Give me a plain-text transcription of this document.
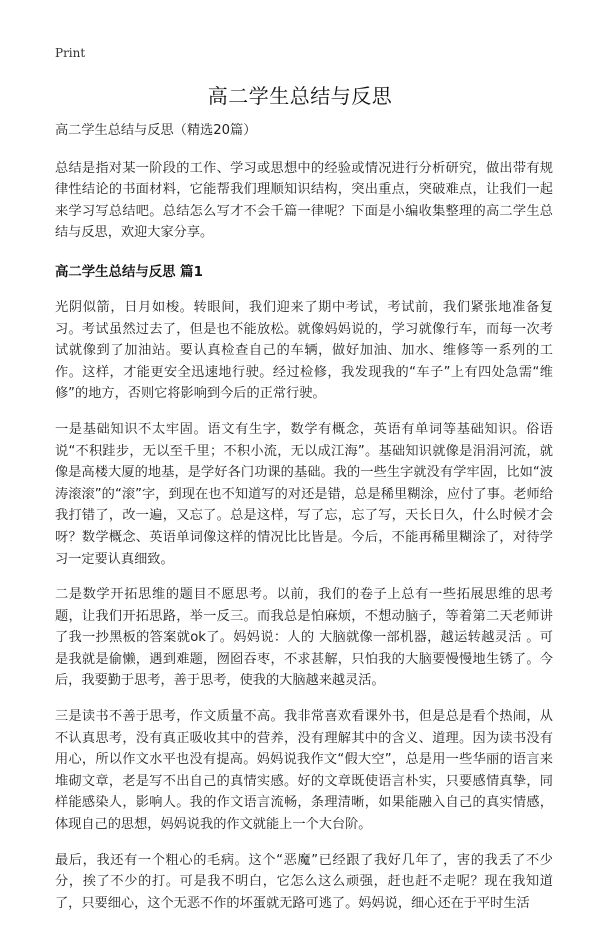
Print
高二学生总结与反思

高二学生总结与反思（精选20篇）

总结是指对某一阶段的工作、学习或思想中的经验或情况进行分析研究，做出带有规律性结论的书面材料，它能帮我们理顺知识结构，突出重点，突破难点，让我们一起来学习写总结吧。总结怎么写才不会千篇一律呢？下面是小编收集整理的高二学生总结与反思，欢迎大家分享。

高二学生总结与反思 篇1

光阴似箭，日月如梭。转眼间，我们迎来了期中考试，考试前，我们紧张地准备复习。考试虽然过去了，但是也不能放松。就像妈妈说的，学习就像行车，而每一次考试就像到了加油站。要认真检查自己的车辆，做好加油、加水、维修等一系列的工作。这样，才能更安全迅速地行驶。经过检修，我发现我的“车子”上有四处急需“维修”的地方，否则它将影响到今后的正常行驶。

一是基础知识不太牢固。语文有生字，数学有概念，英语有单词等基础知识。俗语说“不积跬步，无以至千里；不积小流，无以成江海”。基础知识就像是涓涓河流，就像是高楼大厦的地基，是学好各门功课的基础。我的一些生字就没有学牢固，比如“波涛滚滚”的“滚”字，到现在也不知道写的对还是错，总是稀里糊涂，应付了事。老师给我打错了，改一遍，又忘了。总是这样，写了忘，忘了写，天长日久，什么时候才会呀？数学概念、英语单词像这样的情况比比皆是。今后，不能再稀里糊涂了，对待学习一定要认真细致。

二是数学开拓思维的题目不愿思考。以前，我们的卷子上总有一些拓展思维的思考题，让我们开拓思路，举一反三。而我总是怕麻烦，不想动脑子，等着第二天老师讲了我一抄黑板的答案就ok了。妈妈说：人的 大脑就像一部机器，越运转越灵活 。可是我就是偷懒，遇到难题，囫囵吞枣，不求甚解，只怕我的大脑要慢慢地生锈了。今后，我要勤于思考，善于思考，使我的大脑越来越灵活。

三是读书不善于思考，作文质量不高。我非常喜欢看课外书，但是总是看个热闹，从不认真思考，没有真正吸收其中的营养，没有理解其中的含义、道理。因为读书没有用心，所以作文水平也没有提高。妈妈说我作文“假大空”，总是用一些华丽的语言来堆砌文章，老是写不出自己的真情实感。好的文章既使语言朴实，只要感情真挚，同样能感染人，影响人。我的作文语言流畅，条理清晰，如果能融入自己的真实情感，体现自己的思想，妈妈说我的作文就能上一个大台阶。

最后，我还有一个粗心的毛病。这个“恶魔”已经跟了我好几年了，害的我丢了不少分，挨了不少的打。可是我不明白，它怎么这么顽强，赶也赶不走呢？现在我知道了，只要细心，这个无恶不作的坏蛋就无路可逃了。妈妈说，细心还在于平时生活
